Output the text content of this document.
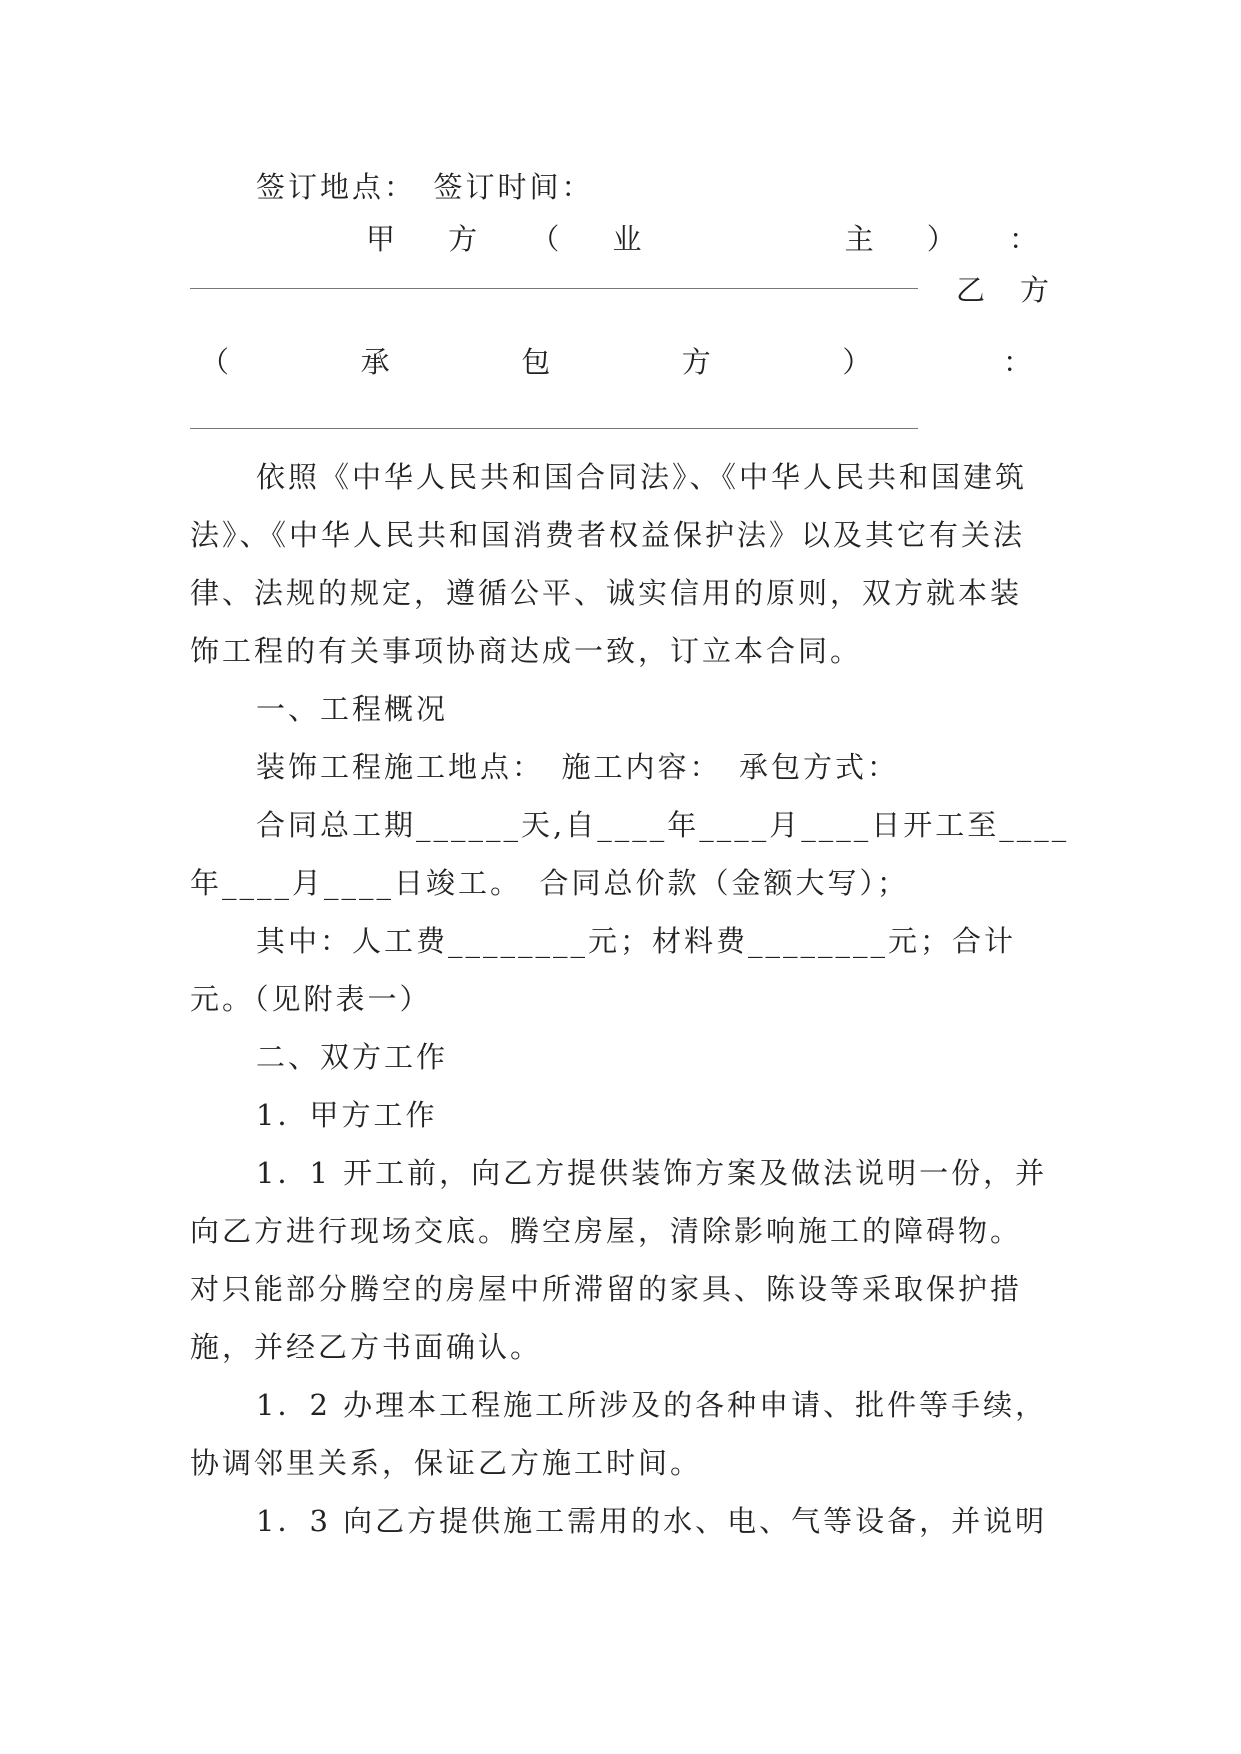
签订地点：　签订时间：
甲 方 （ 业	主 ） ：
乙　方
（	承	包	方	）	：
依照《中华人民共和国合同法》、《中华人民共和国建筑
法》、《中华人民共和国消费者权益保护法》以及其它有关法
律、法规的规定，遵循公平、诚实信用的原则，双方就本装
饰工程的有关事项协商达成一致，订立本合同。
一、工程概况
装饰工程施工地点：　施工内容：　承包方式：
合同总工期______天,自____年____月____日开工至____
年____月____日竣工。　合同总价款（金额大写）；
其中：人工费________元；材料费________元；合计
元。（见附表一）
二、双方工作
1．甲方工作
1．1 开工前，向乙方提供装饰方案及做法说明一份，并
向乙方进行现场交底。腾空房屋，清除影响施工的障碍物。
对只能部分腾空的房屋中所滞留的家具、陈设等采取保护措
施，并经乙方书面确认。
1．2 办理本工程施工所涉及的各种申请、批件等手续，
协调邻里关系，保证乙方施工时间。
1．3 向乙方提供施工需用的水、电、气等设备，并说明
